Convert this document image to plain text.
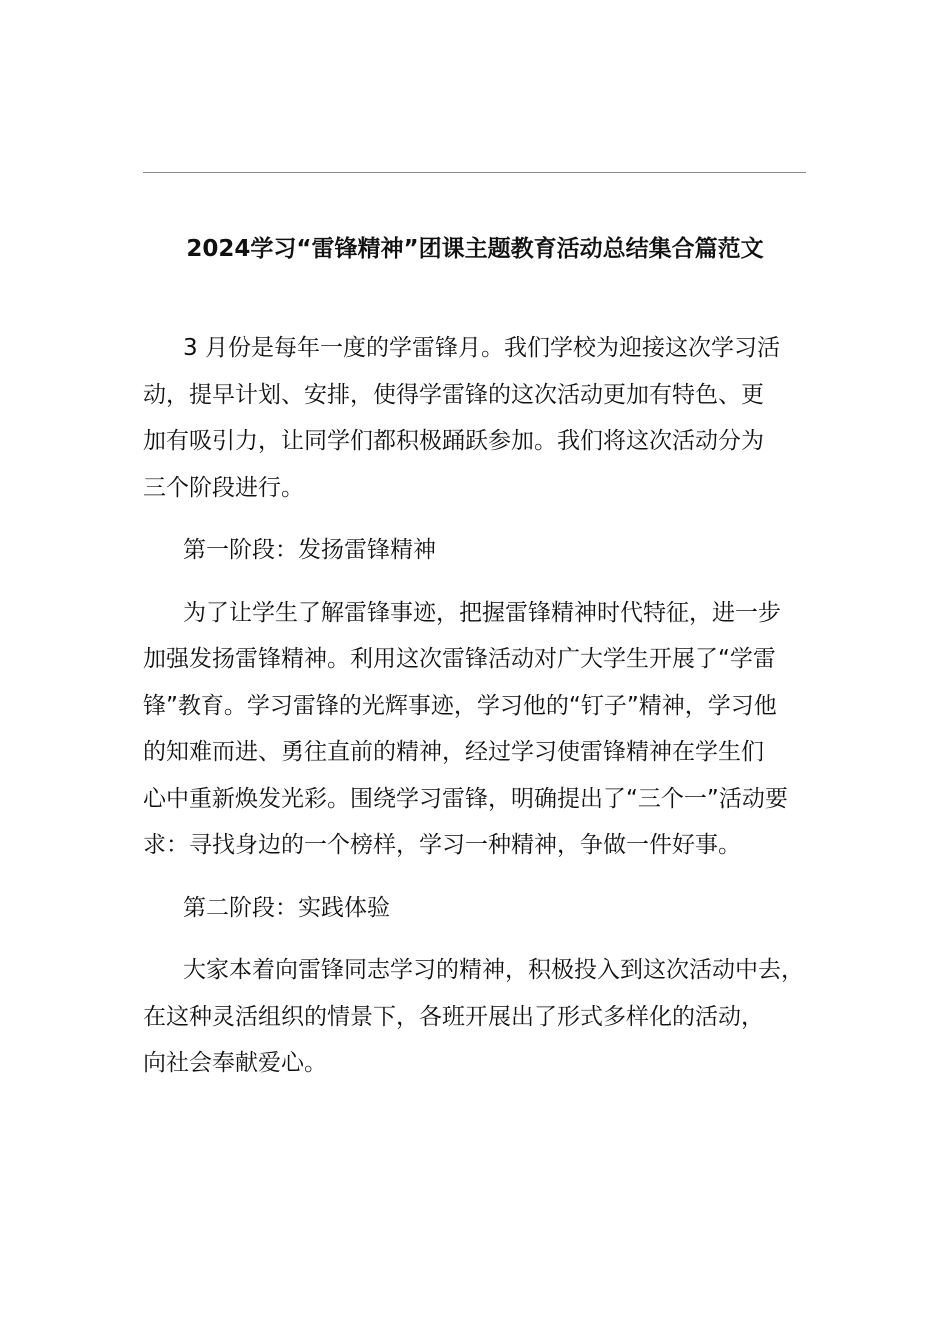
2024学习“雷锋精神”团课主题教育活动总结集合篇范文

3 月份是每年一度的学雷锋月。我们学校为迎接这次学习活
动，提早计划、安排，使得学雷锋的这次活动更加有特色、更
加有吸引力，让同学们都积极踊跃参加。我们将这次活动分为
三个阶段进行。

第一阶段：发扬雷锋精神

为了让学生了解雷锋事迹，把握雷锋精神时代特征，进一步
加强发扬雷锋精神。利用这次雷锋活动对广大学生开展了“学雷
锋”教育。学习雷锋的光辉事迹，学习他的“钉子”精神，学习他
的知难而进、勇往直前的精神，经过学习使雷锋精神在学生们
心中重新焕发光彩。围绕学习雷锋，明确提出了“三个一”活动要
求：寻找身边的一个榜样，学习一种精神，争做一件好事。

第二阶段：实践体验

大家本着向雷锋同志学习的精神，积极投入到这次活动中去，
在这种灵活组织的情景下，各班开展出了形式多样化的活动，
向社会奉献爱心。
